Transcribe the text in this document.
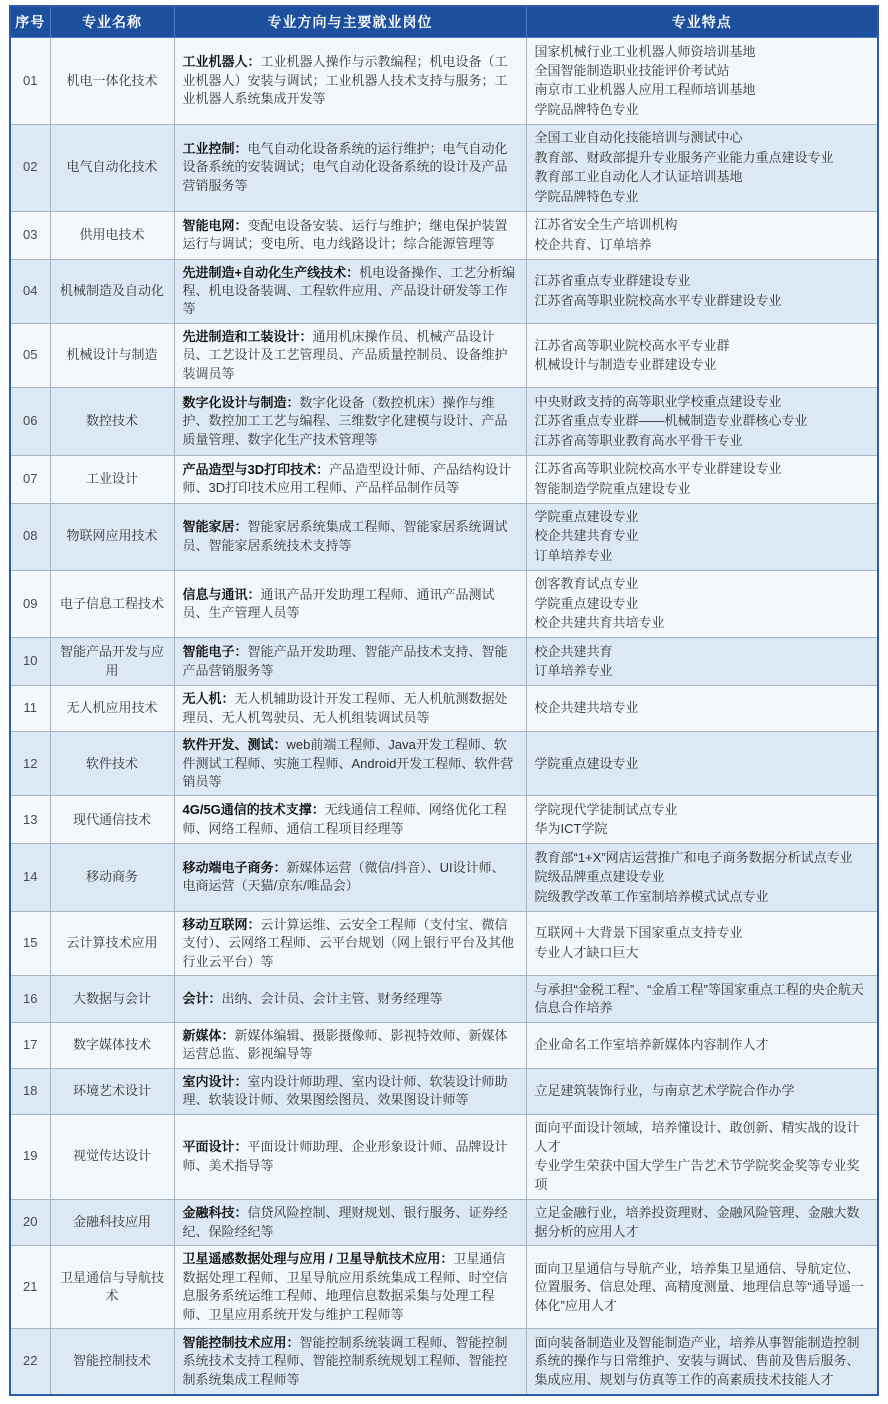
序号	专业名称	专业方向与主要就业岗位	专业特点
01	机电一体化技术	工业机器人：工业机器人操作与示教编程；机电设备（工业机器人）安装与调试；工业机器人技术支持与服务；工业机器人系统集成开发等	国家机械行业工业机器人师资培训基地
全国智能制造职业技能评价考试站
南京市工业机器人应用工程师培训基地
学院品牌特色专业

02	电气自动化技术	工业控制：电气自动化设备系统的运行维护；电气自动化设备系统的安装调试；电气自动化设备系统的设计及产品营销服务等	全国工业自动化技能培训与测试中心
教育部、财政部提升专业服务产业能力重点建设专业
教育部工业自动化人才认证培训基地
学院品牌特色专业

03	供用电技术	智能电网：变配电设备安装、运行与维护；继电保护装置运行与调试；变电所、电力线路设计；综合能源管理等	江苏省安全生产培训机构
校企共育、订单培养

04	机械制造及自动化	先进制造+自动化生产线技术：机电设备操作、工艺分析编程、机电设备装调、工程软件应用、产品设计研发等工作等	江苏省重点专业群建设专业
江苏省高等职业院校高水平专业群建设专业

05	机械设计与制造	先进制造和工装设计：通用机床操作员、机械产品设计员、工艺设计及工艺管理员、产品质量控制员、设备维护装调员等	江苏省高等职业院校高水平专业群
机械设计与制造专业群建设专业

06	数控技术	数字化设计与制造：数字化设备（数控机床）操作与维护、数控加工工艺与编程、三维数字化建模与设计、产品质量管理、数字化生产技术管理等	中央财政支持的高等职业学校重点建设专业
江苏省重点专业群——机械制造专业群核心专业
江苏省高等职业教育高水平骨干专业

07	工业设计	产品造型与3D打印技术：产品造型设计师、产品结构设计师、3D打印技术应用工程师、产品样品制作员等	江苏省高等职业院校高水平专业群建设专业
智能制造学院重点建设专业

08	物联网应用技术	智能家居：智能家居系统集成工程师、智能家居系统调试员、智能家居系统技术支持等	学院重点建设专业
校企共建共育专业
订单培养专业

09	电子信息工程技术	信息与通讯：通讯产品开发助理工程师、通讯产品测试员、生产管理人员等	创客教育试点专业
学院重点建设专业
校企共建共育共培专业

10	智能产品开发与应用	智能电子：智能产品开发助理、智能产品技术支持、智能产品营销服务等	校企共建共育
订单培养专业

11	无人机应用技术	无人机：无人机辅助设计开发工程师、无人机航测数据处理员、无人机驾驶员、无人机组装调试员等	校企共建共培专业

12	软件技术	软件开发、测试：web前端工程师、Java开发工程师、软件测试工程师、实施工程师、Android开发工程师、软件营销员等	学院重点建设专业

13	现代通信技术	4G/5G通信的技术支撑：无线通信工程师、网络优化工程师、网络工程师、通信工程项目经理等	学院现代学徒制试点专业
华为ICT学院

14	移动商务	移动端电子商务：新媒体运营（微信/抖音）、UI设计师、电商运营（天猫/京东/唯品会）	教育部“1+X”网店运营推广和电子商务数据分析试点专业
院级品牌重点建设专业
院级教学改革工作室制培养模式试点专业

15	云计算技术应用	移动互联网：云计算运维、云安全工程师（支付宝、微信支付）、云网络工程师、云平台规划（网上银行平台及其他行业云平台）等	互联网＋大背景下国家重点支持专业
专业人才缺口巨大

16	大数据与会计	会计：出纳、会计员、会计主管、财务经理等	与承担“金税工程”、“金盾工程”等国家重点工程的央企航天信息合作培养

17	数字媒体技术	新媒体：新媒体编辑、摄影摄像师、影视特效师、新媒体运营总监、影视编导等	企业命名工作室培养新媒体内容制作人才

18	环境艺术设计	室内设计：室内设计师助理、室内设计师、软装设计师助理、软装设计师、效果图绘图员、效果图设计师等	立足建筑装饰行业，与南京艺术学院合作办学

19	视觉传达设计	平面设计：平面设计师助理、企业形象设计师、品牌设计师、美术指导等	面向平面设计领域，培养懂设计、敢创新、精实战的设计人才
专业学生荣获中国大学生广告艺术节学院奖金奖等专业奖项

20	金融科技应用	金融科技：信贷风险控制、理财规划、银行服务、证券经纪、保险经纪等	立足金融行业，培养投资理财、金融风险管理、金融大数据分析的应用人才

21	卫星通信与导航技术	卫星遥感数据处理与应用 / 卫星导航技术应用：卫星通信数据处理工程师、卫星导航应用系统集成工程师、时空信息服务系统运维工程师、地理信息数据采集与处理工程师、卫星应用系统开发与维护工程师等	面向卫星通信与导航产业，培养集卫星通信、导航定位、位置服务、信息处理、高精度测量、地理信息等“通导遥一体化”应用人才

22	智能控制技术	智能控制技术应用：智能控制系统装调工程师、智能控制系统技术支持工程师、智能控制系统规划工程师、智能控制系统集成工程师等	面向装备制造业及智能制造产业，培养从事智能制造控制系统的操作与日常维护、安装与调试、售前及售后服务、集成应用、规划与仿真等工作的高素质技术技能人才
